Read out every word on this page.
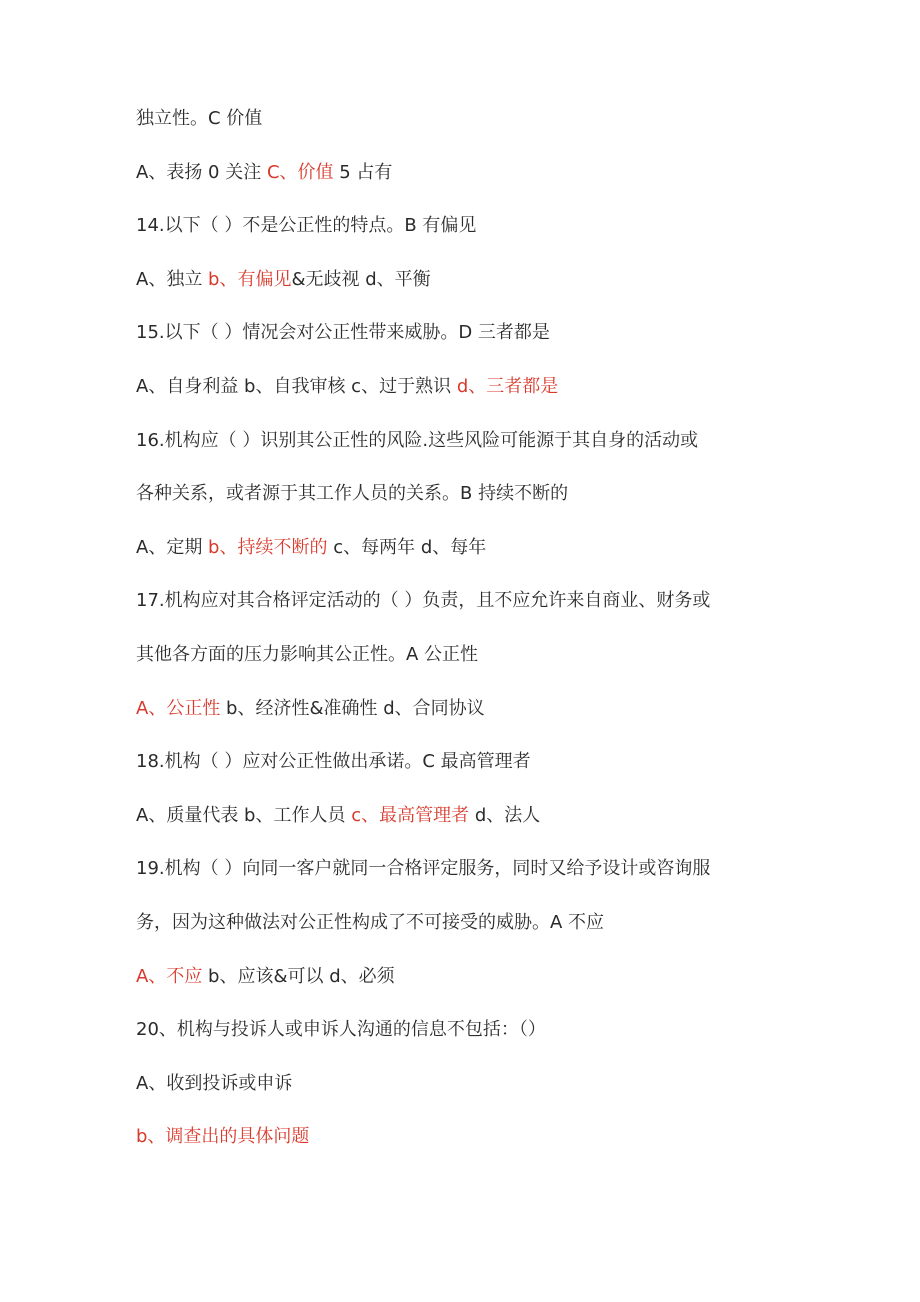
独立性。C 价值
A、表扬 0 关注 C、价值 5 占有
14.以下（ ）不是公正性的特点。B 有偏见
A、独立 b、有偏见&无歧视 d、平衡
15.以下（ ）情况会对公正性带来威胁。D 三者都是
A、自身利益 b、自我审核 c、过于熟识 d、三者都是
16.机构应（ ）识别其公正性的风险.这些风险可能源于其自身的活动或
各种关系，或者源于其工作人员的关系。B 持续不断的
A、定期 b、持续不断的 c、每两年 d、每年
17.机构应对其合格评定活动的（ ）负责，且不应允许来自商业、财务或
其他各方面的压力影响其公正性。A 公正性
A、公正性 b、经济性&准确性 d、合同协议
18.机构（ ）应对公正性做出承诺。C 最高管理者
A、质量代表 b、工作人员 c、最高管理者 d、法人
19.机构（ ）向同一客户就同一合格评定服务，同时又给予设计或咨询服
务，因为这种做法对公正性构成了不可接受的威胁。A 不应
A、不应 b、应该&可以 d、必须
20、机构与投诉人或申诉人沟通的信息不包括：（）
A、收到投诉或申诉
b、调查出的具体问题
